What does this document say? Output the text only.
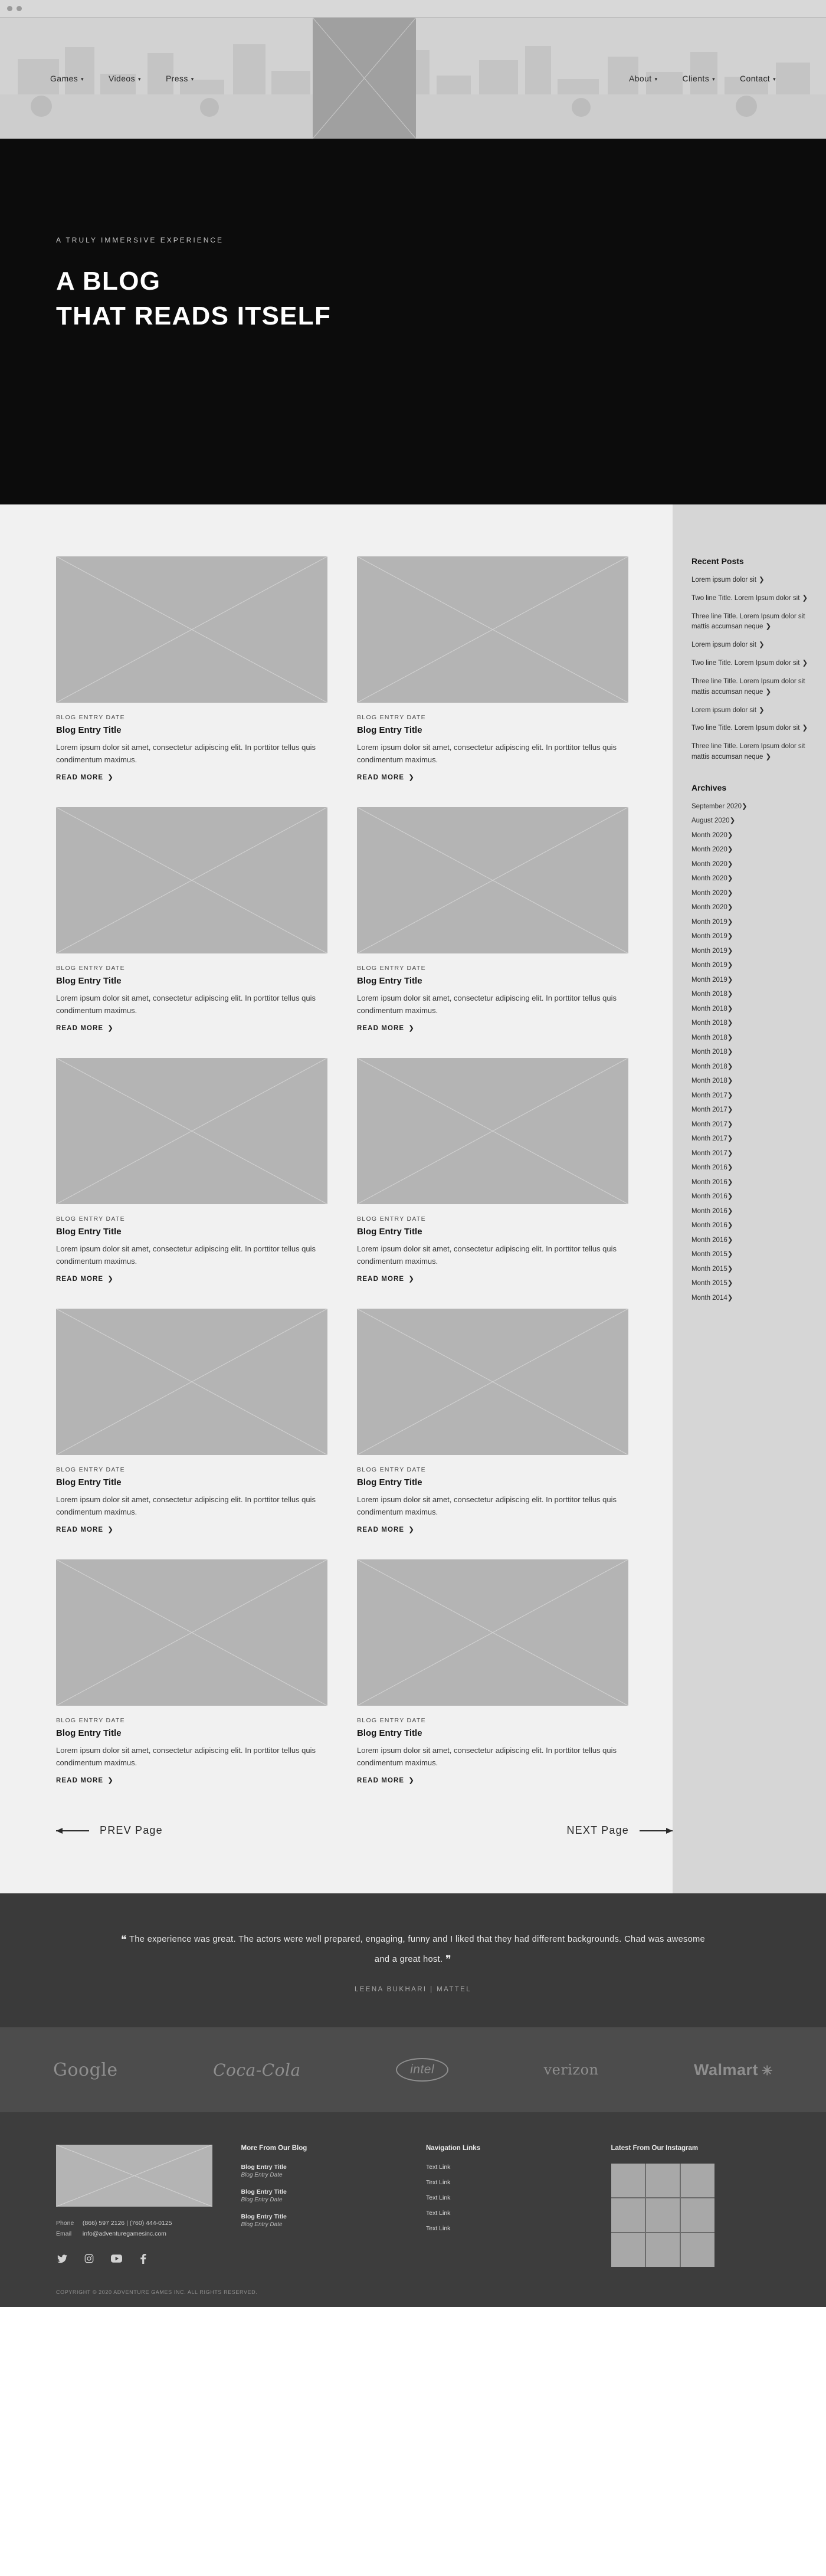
Games ▾	Videos ▾	Press ▾	About ▾	Clients ▾	Contact ▾
A TRULY IMMERSIVE EXPERIENCE
A BLOG
THAT READS ITSELF
BLOG ENTRY DATE
Blog Entry Title
Lorem ipsum dolor sit amet, consectetur adipiscing elit. In porttitor tellus quis condimentum maximus.
READ MORE ❯
BLOG ENTRY DATE
Blog Entry Title
Lorem ipsum dolor sit amet, consectetur adipiscing elit. In porttitor tellus quis condimentum maximus.
READ MORE ❯
BLOG ENTRY DATE
Blog Entry Title
Lorem ipsum dolor sit amet, consectetur adipiscing elit. In porttitor tellus quis condimentum maximus.
READ MORE ❯
BLOG ENTRY DATE
Blog Entry Title
Lorem ipsum dolor sit amet, consectetur adipiscing elit. In porttitor tellus quis condimentum maximus.
READ MORE ❯
BLOG ENTRY DATE
Blog Entry Title
Lorem ipsum dolor sit amet, consectetur adipiscing elit. In porttitor tellus quis condimentum maximus.
READ MORE ❯
BLOG ENTRY DATE
Blog Entry Title
Lorem ipsum dolor sit amet, consectetur adipiscing elit. In porttitor tellus quis condimentum maximus.
READ MORE ❯
BLOG ENTRY DATE
Blog Entry Title
Lorem ipsum dolor sit amet, consectetur adipiscing elit. In porttitor tellus quis condimentum maximus.
READ MORE ❯
BLOG ENTRY DATE
Blog Entry Title
Lorem ipsum dolor sit amet, consectetur adipiscing elit. In porttitor tellus quis condimentum maximus.
READ MORE ❯
BLOG ENTRY DATE
Blog Entry Title
Lorem ipsum dolor sit amet, consectetur adipiscing elit. In porttitor tellus quis condimentum maximus.
READ MORE ❯
BLOG ENTRY DATE
Blog Entry Title
Lorem ipsum dolor sit amet, consectetur adipiscing elit. In porttitor tellus quis condimentum maximus.
READ MORE ❯
PREV Page	NEXT Page
Recent Posts
Lorem ipsum dolor sit ❯
Two line Title. Lorem Ipsum dolor sit ❯
Three line Title. Lorem Ipsum dolor sit mattis accumsan neque ❯
Lorem ipsum dolor sit ❯
Two line Title. Lorem Ipsum dolor sit ❯
Three line Title. Lorem Ipsum dolor sit mattis accumsan neque ❯
Lorem ipsum dolor sit ❯
Two line Title. Lorem Ipsum dolor sit ❯
Three line Title. Lorem Ipsum dolor sit mattis accumsan neque ❯
Archives
September 2020❯
August 2020❯
Month 2020❯
Month 2020❯
Month 2020❯
Month 2020❯
Month 2020❯
Month 2020❯
Month 2019❯
Month 2019❯
Month 2019❯
Month 2019❯
Month 2019❯
Month 2018❯
Month 2018❯
Month 2018❯
Month 2018❯
Month 2018❯
Month 2018❯
Month 2018❯
Month 2017❯
Month 2017❯
Month 2017❯
Month 2017❯
Month 2017❯
Month 2016❯
Month 2016❯
Month 2016❯
Month 2016❯
Month 2016❯
Month 2016❯
Month 2015❯
Month 2015❯
Month 2015❯
Month 2014❯
❝ The experience was great. The actors were well prepared, engaging, funny and I liked that they had different backgrounds. Chad was awesome and a great host. ❞
LEENA BUKHARI | MATTEL
Google	Coca-Cola	intel	verizon	Walmart ✳
Phone (866) 597 2126 | (760) 444-0125
Email info@adventuregamesinc.com
More From Our Blog
Blog Entry Title
Blog Entry Date
Blog Entry Title
Blog Entry Date
Blog Entry Title
Blog Entry Date
Navigation Links
Text Link
Text Link
Text Link
Text Link
Text Link
Latest From Our Instagram
COPYRIGHT © 2020 ADVENTURE GAMES INC. ALL RIGHTS RESERVED.
